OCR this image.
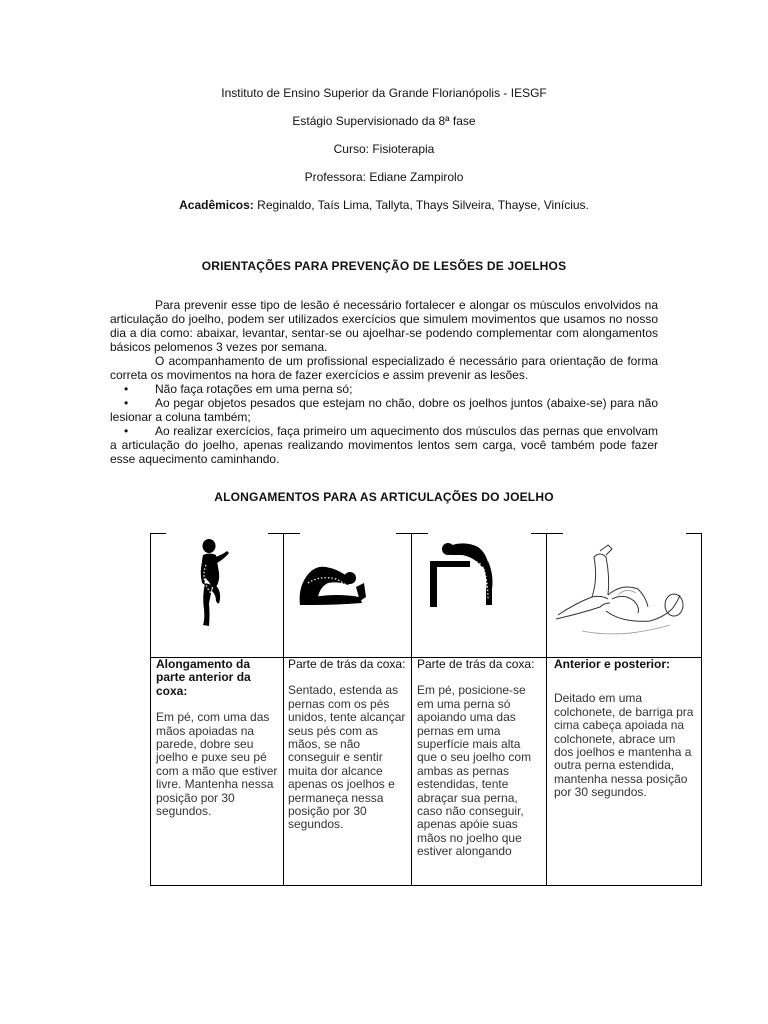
Instituto de Ensino Superior da Grande Florianópolis - IESGF
Estágio Supervisionado da 8ª fase
Curso: Fisioterapia
Professora: Ediane Zampirolo
Acadêmicos: Reginaldo, Taís Lima, Tallyta, Thays Silveira, Thayse, Vinícius.
ORIENTAÇÕES PARA PREVENÇÃO DE LESÕES DE JOELHOS

Para prevenir esse tipo de lesão é necessário fortalecer e alongar os músculos envolvidos na articulação do joelho, podem ser utilizados exercícios que simulem movimentos que usamos no nosso dia a dia como: abaixar, levantar, sentar-se ou ajoelhar-se podendo complementar com alongamentos básicos pelomenos 3 vezes por semana.

O acompanhamento de um profissional especializado é necessário para orientação de forma correta os movimentos na hora de fazer exercícios e assim prevenir as lesões.

• Não faça rotações em uma perna só;

• Ao pegar objetos pesados que estejam no chão, dobre os joelhos juntos (abaixe-se) para não lesionar a coluna também;

• Ao realizar exercícios, faça primeiro um aquecimento dos músculos das pernas que envolvam a articulação do joelho, apenas realizando movimentos lentos sem carga, você também pode fazer esse aquecimento caminhando.

ALONGAMENTOS PARA AS ARTICULAÇÕES DO JOELHO
Alongamento da parte anterior da coxa:
Em pé, com uma das mãos apoiadas na parede, dobre seu joelho e puxe seu pé com a mão que estiver livre. Mantenha nessa posição por 30 segundos.
Parte de trás da coxa:
Sentado, estenda as pernas com os pés unidos, tente alcançar seus pés com as mãos, se não conseguir e sentir muita dor alcance apenas os joelhos e permaneça nessa posição por 30 segundos.
Parte de trás da coxa:
Em pé, posicione-se em uma perna só apoiando uma das pernas em uma superfície mais alta que o seu joelho com ambas as pernas estendidas, tente abraçar sua perna, caso não conseguir, apenas apóie suas mãos no joelho que estiver alongando
Anterior e posterior:
Deitado em uma colchonete, de barriga pra cima cabeça apoiada na colchonete, abrace um dos joelhos e mantenha a outra perna estendida, mantenha nessa posição por 30 segundos.
